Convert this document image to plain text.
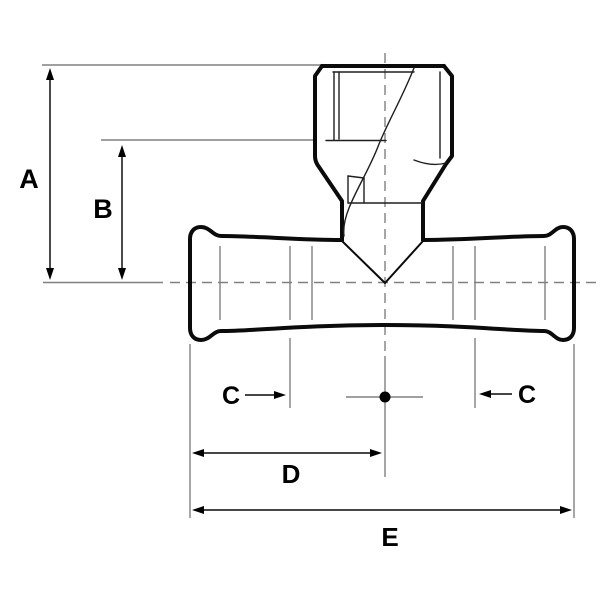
A
B
C	C
D
E
